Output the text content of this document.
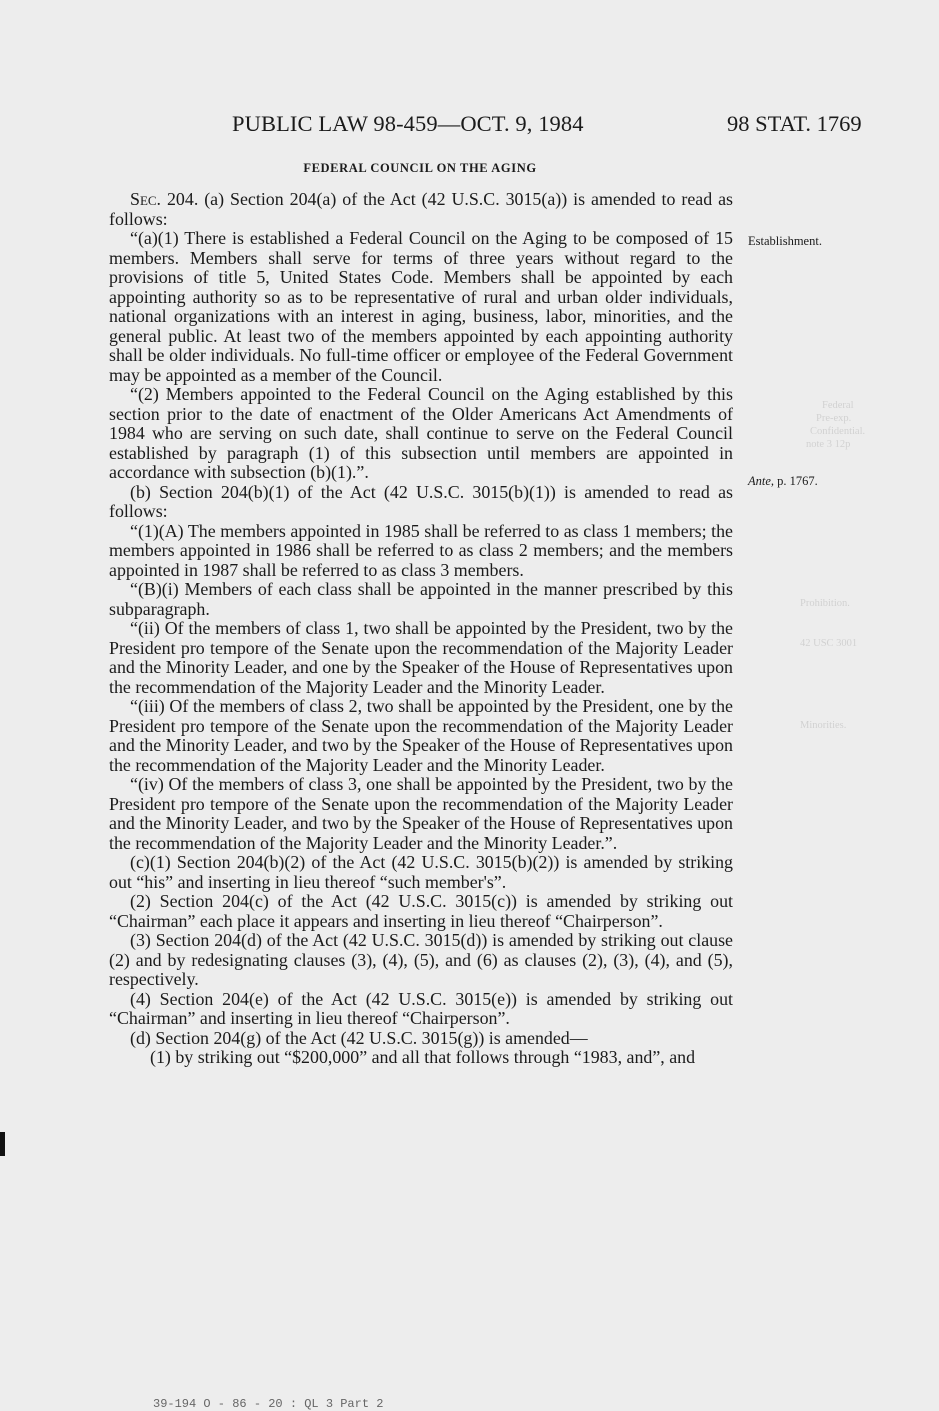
PUBLIC LAW 98-459—OCT. 9, 1984	98 STAT. 1769
FEDERAL COUNCIL ON THE AGING

Sec. 204. (a) Section 204(a) of the Act (42 U.S.C. 3015(a)) is amended to read as follows:

“(a)(1) There is established a Federal Council on the Aging to be composed of 15 members. Members shall serve for terms of three years without regard to the provisions of title 5, United States Code. Members shall be appointed by each appointing authority so as to be representative of rural and urban older individuals, national organizations with an interest in aging, business, labor, minorities, and the general public. At least two of the members appointed by each appointing authority shall be older individuals. No full-time officer or employee of the Federal Government may be appointed as a member of the Council.

“(2) Members appointed to the Federal Council on the Aging established by this section prior to the date of enactment of the Older Americans Act Amendments of 1984 who are serving on such date, shall continue to serve on the Federal Council established by paragraph (1) of this subsection until members are appointed in accordance with subsection (b)(1).”.

(b) Section 204(b)(1) of the Act (42 U.S.C. 3015(b)(1)) is amended to read as follows:

“(1)(A) The members appointed in 1985 shall be referred to as class 1 members; the members appointed in 1986 shall be referred to as class 2 members; and the members appointed in 1987 shall be referred to as class 3 members.

“(B)(i) Members of each class shall be appointed in the manner prescribed by this subparagraph.

“(ii) Of the members of class 1, two shall be appointed by the President, two by the President pro tempore of the Senate upon the recommendation of the Majority Leader and the Minority Leader, and one by the Speaker of the House of Representatives upon the recommendation of the Majority Leader and the Minority Leader.

“(iii) Of the members of class 2, two shall be appointed by the President, one by the President pro tempore of the Senate upon the recommendation of the Majority Leader and the Minority Leader, and two by the Speaker of the House of Representatives upon the recommendation of the Majority Leader and the Minority Leader.

“(iv) Of the members of class 3, one shall be appointed by the President, two by the President pro tempore of the Senate upon the recommendation of the Majority Leader and the Minority Leader, and two by the Speaker of the House of Representatives upon the recommendation of the Majority Leader and the Minority Leader.”.

(c)(1) Section 204(b)(2) of the Act (42 U.S.C. 3015(b)(2)) is amended by striking out “his” and inserting in lieu thereof “such member's”.

(2) Section 204(c) of the Act (42 U.S.C. 3015(c)) is amended by striking out “Chairman” each place it appears and inserting in lieu thereof “Chairperson”.

(3) Section 204(d) of the Act (42 U.S.C. 3015(d)) is amended by striking out clause (2) and by redesignating clauses (3), (4), (5), and (6) as clauses (2), (3), (4), and (5), respectively.

(4) Section 204(e) of the Act (42 U.S.C. 3015(e)) is amended by striking out “Chairman” and inserting in lieu thereof “Chairperson”.

(d) Section 204(g) of the Act (42 U.S.C. 3015(g)) is amended—

(1) by striking out “$200,000” and all that follows through “1983, and”, and

Establishment.
Ante, p. 1767.
Federal
Pre-exp.
Confidential.
note 3 12p
Prohibition.
42 USC 3001
Minorities.
39-194 O - 86 - 20 : QL 3 Part 2
